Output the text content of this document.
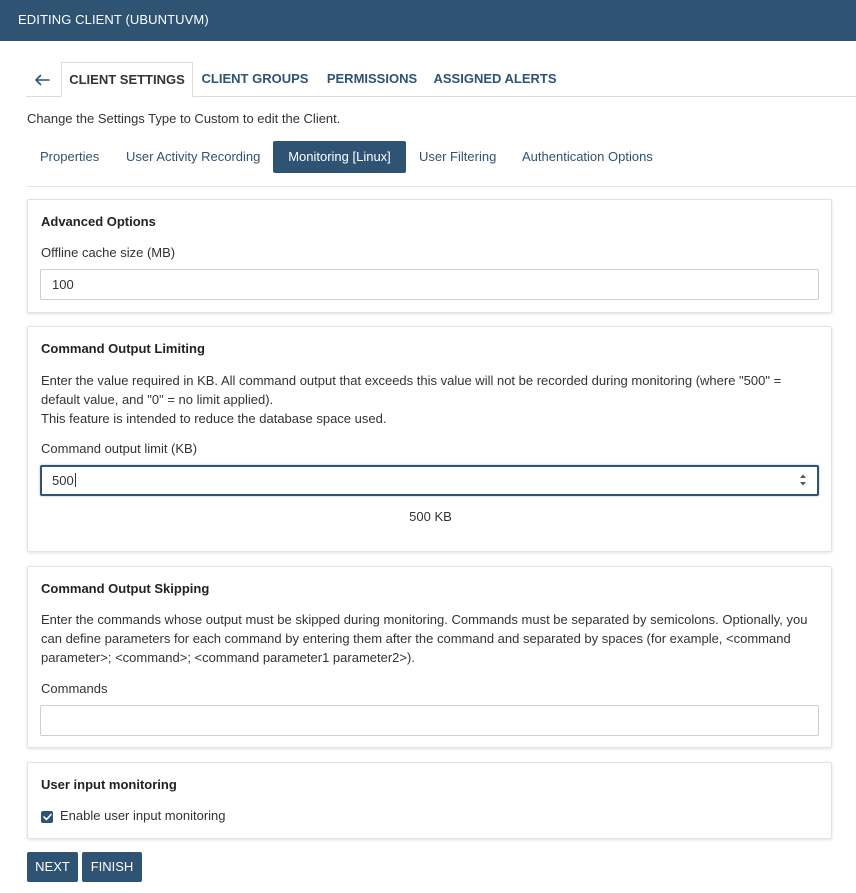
EDITING CLIENT (UBUNTUVM)
CLIENT SETTINGS	CLIENT GROUPS	PERMISSIONS	ASSIGNED ALERTS
Change the Settings Type to Custom to edit the Client.
Properties User Activity Recording	Monitoring [Linux]	User Filtering Authentication Options
Advanced Options
Offline cache size (MB)
100
Command Output Limiting
Enter the value required in KB. All command output that exceeds this value will not be recorded during monitoring (where "500" = default value, and "0" = no limit applied).
This feature is intended to reduce the database space used.
Command output limit (KB)
500
500 KB
Command Output Skipping
Enter the commands whose output must be skipped during monitoring. Commands must be separated by semicolons. Optionally, you can define parameters for each command by entering them after the command and separated by spaces (for example, <command parameter>; <command>; <command parameter1 parameter2>).
Commands
User input monitoring
Enable user input monitoring
NEXT	FINISH
